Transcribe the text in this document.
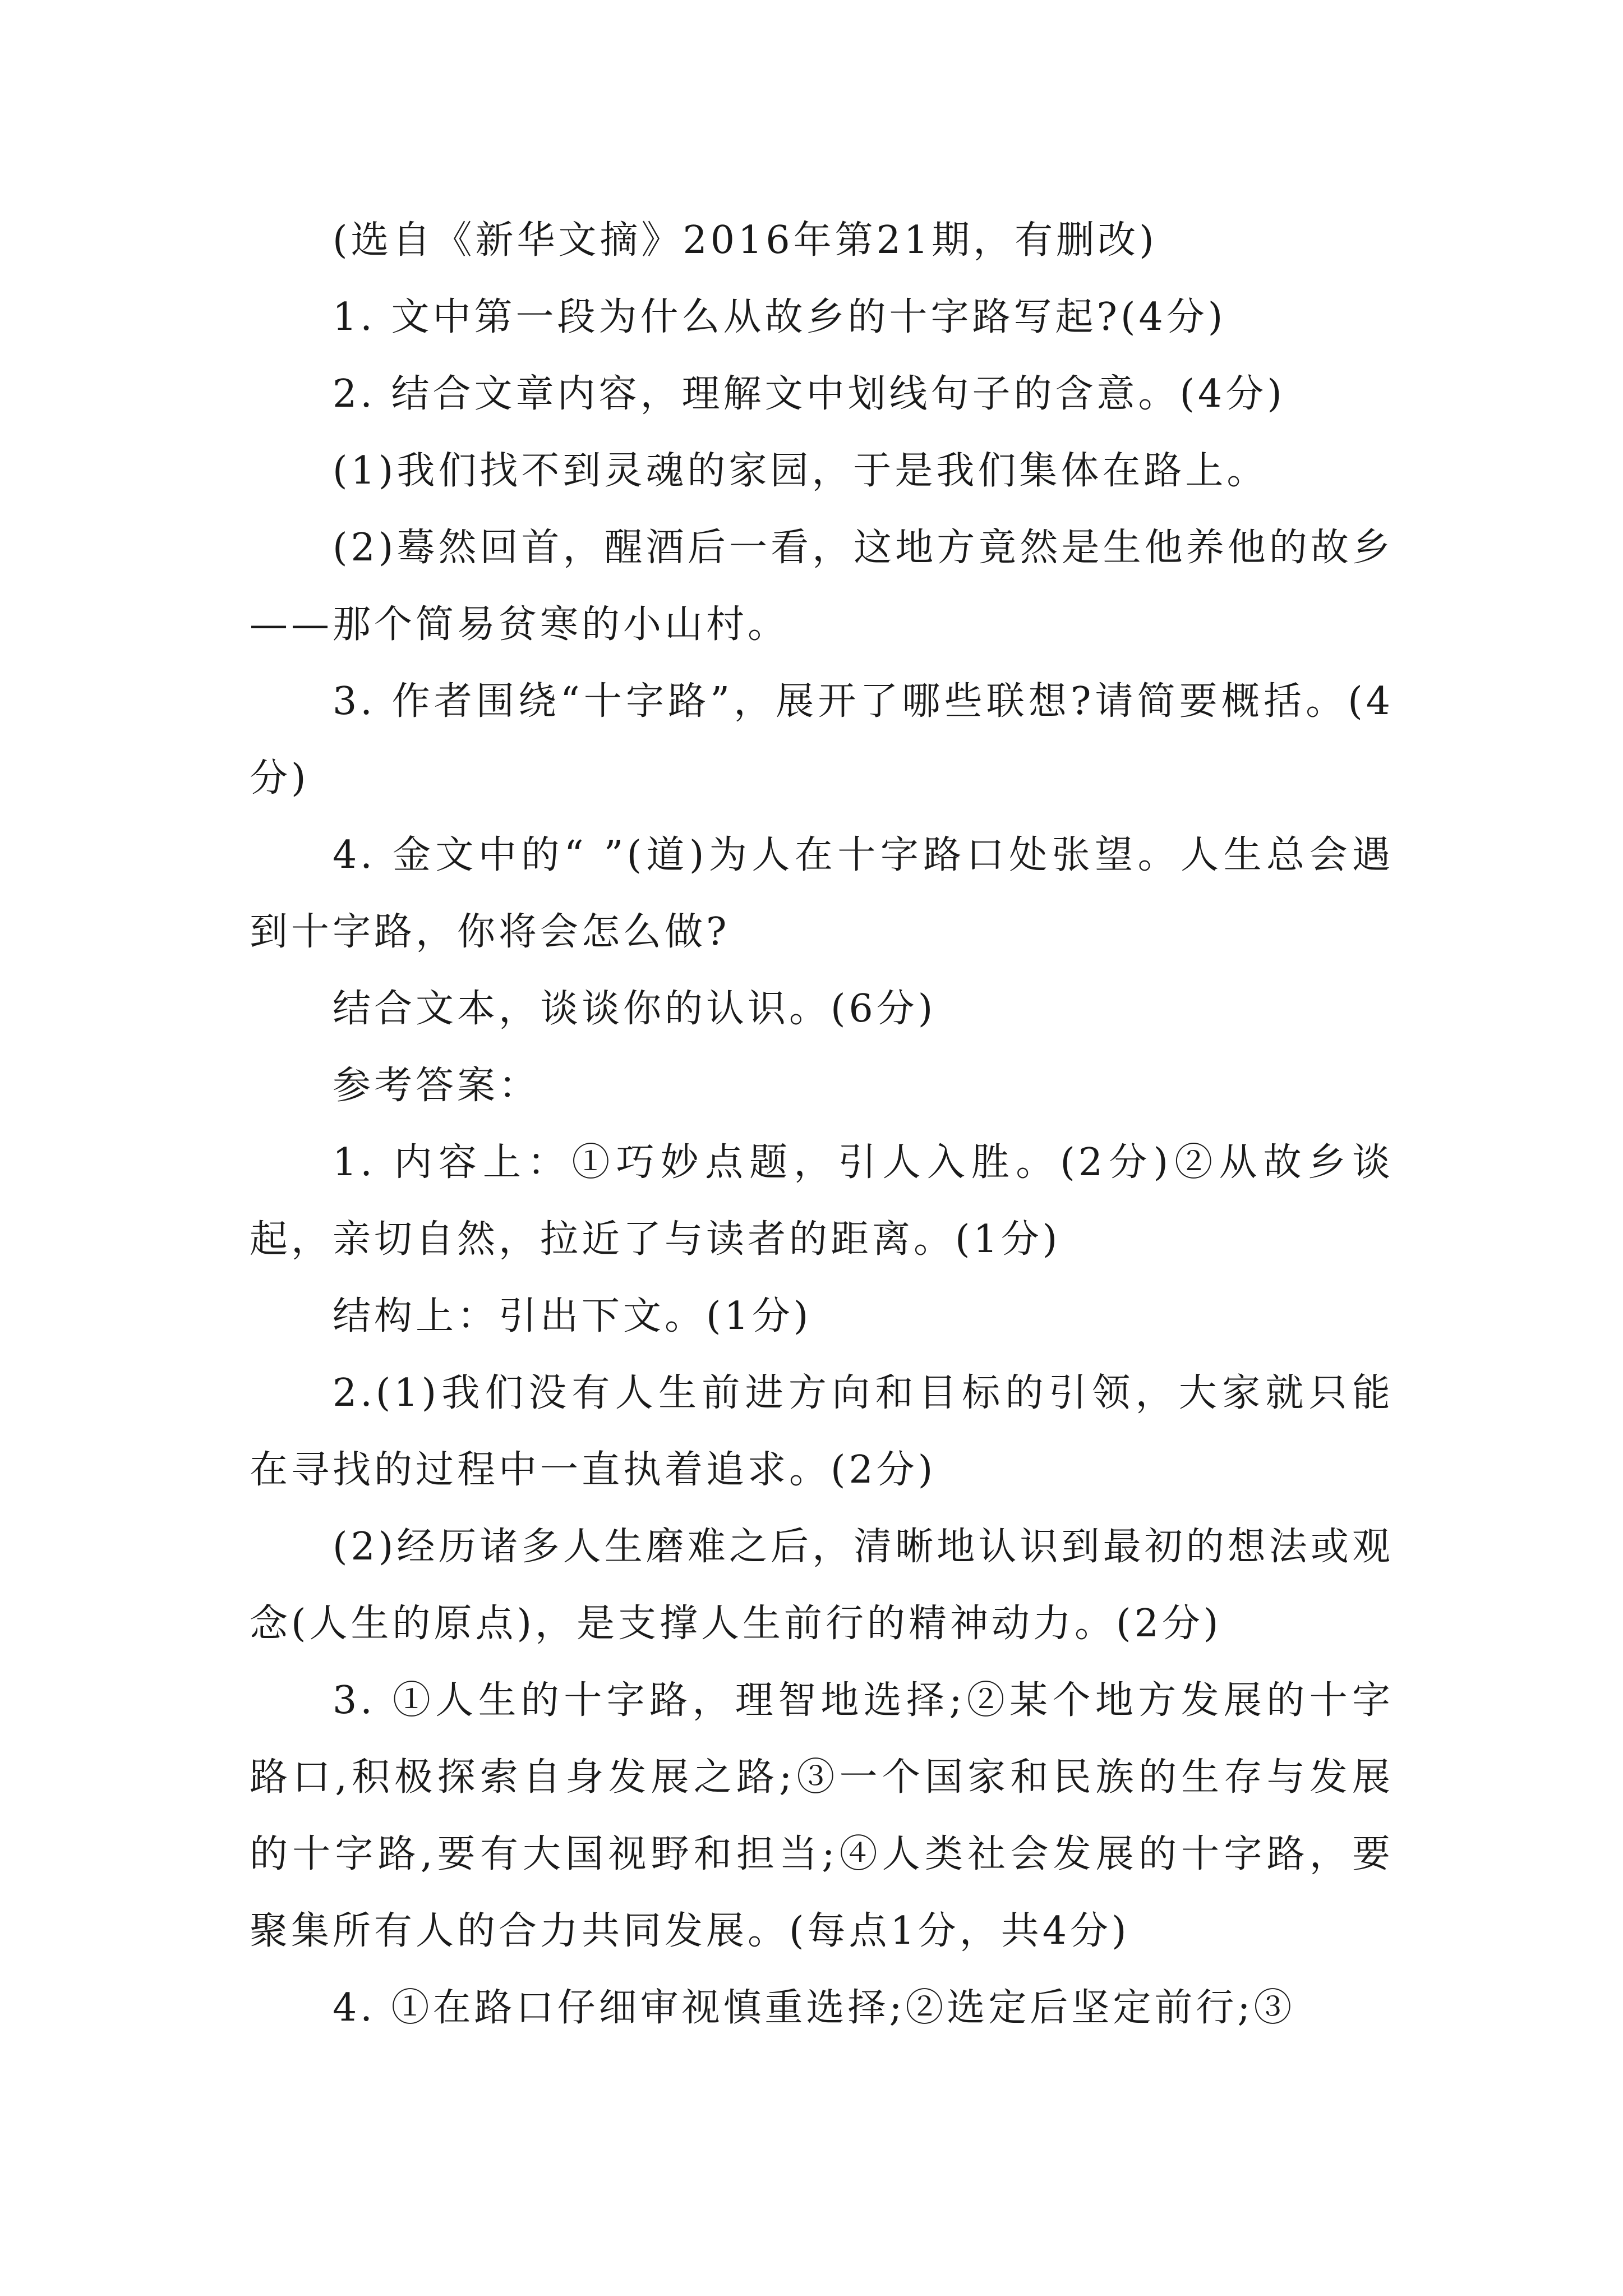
(选自《新华文摘》2016年第21期，有删改)

1. 文中第一段为什么从故乡的十字路写起?(4分)

2. 结合文章内容，理解文中划线句子的含意。(4分)

(1)我们找不到灵魂的家园，于是我们集体在路上。

(2)蓦然回首，醒酒后一看，这地方竟然是生他养他的故乡——那个简易贫寒的小山村。

3. 作者围绕“十字路”，展开了哪些联想?请简要概括。(4分)

4. 金文中的“ ”(道)为人在十字路口处张望。人生总会遇到十字路，你将会怎么做?

结合文本，谈谈你的认识。(6分)

参考答案：

1. 内容上：①巧妙点题，引人入胜。(2分)②从故乡谈起，亲切自然，拉近了与读者的距离。(1分)

结构上：引出下文。(1分)

2.(1)我们没有人生前进方向和目标的引领，大家就只能在寻找的过程中一直执着追求。(2分)

(2)经历诸多人生磨难之后，清晰地认识到最初的想法或观念(人生的原点)，是支撑人生前行的精神动力。(2分)

3. ①人生的十字路，理智地选择;②某个地方发展的十字路口,积极探索自身发展之路;③一个国家和民族的生存与发展的十字路,要有大国视野和担当;④人类社会发展的十字路，要聚集所有人的合力共同发展。(每点1分，共4分)

4. ①在路口仔细审视慎重选择;②选定后坚定前行;③
